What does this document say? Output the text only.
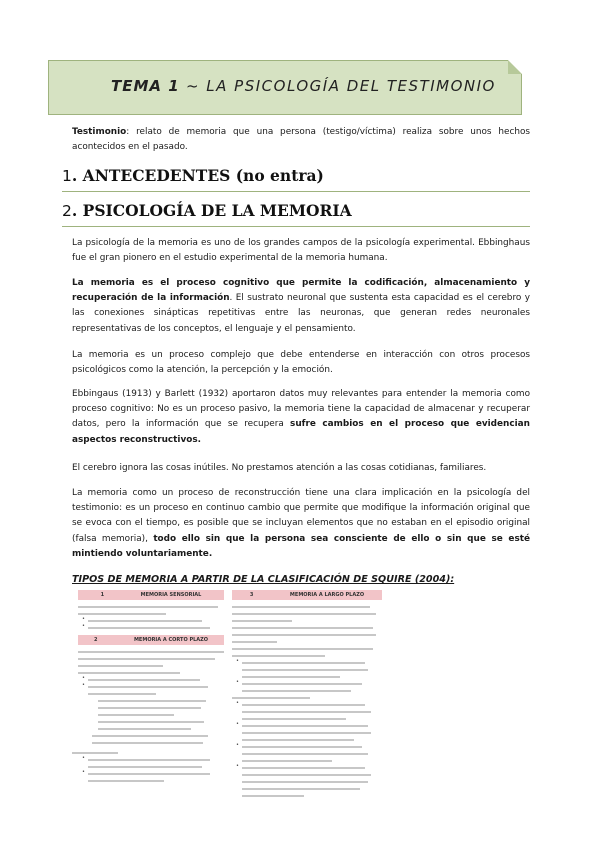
TEMA 1 ~ LA PSICOLOGÍA DEL TESTIMONIO

Testimonio: relato de memoria que una persona (testigo/víctima) realiza sobre unos hechos acontecidos en el pasado.

1. ANTECEDENTES (no entra)
2. PSICOLOGÍA DE LA MEMORIA

La psicología de la memoria es uno de los grandes campos de la psicología experimental. Ebbinghaus fue el gran pionero en el estudio experimental de la memoria humana.

La memoria es el proceso cognitivo que permite la codificación, almacenamiento y recuperación de la información. El sustrato neuronal que sustenta esta capacidad es el cerebro y las conexiones sinápticas repetitivas entre las neuronas, que generan redes neuronales representativas de los conceptos, el lenguaje y el pensamiento.

La memoria es un proceso complejo que debe entenderse en interacción con otros procesos psicológicos como la atención, la percepción y la emoción.

Ebbingaus (1913) y Barlett (1932) aportaron datos muy relevantes para entender la memoria como proceso cognitivo: No es un proceso pasivo, la memoria tiene la capacidad de almacenar y recuperar datos, pero la información que se recupera sufre cambios en el proceso que evidencian aspectos reconstructivos.

El cerebro ignora las cosas inútiles. No prestamos atención a las cosas cotidianas, familiares.

La memoria como un proceso de reconstrucción tiene una clara implicación en la psicología del testimonio: es un proceso en continuo cambio que permite que modifique la información original que se evoca con el tiempo, es posible que se incluyan elementos que no estaban en el episodio original (falsa memoria), todo ello sin que la persona sea consciente de ello o sin que se esté mintiendo voluntariamente.

TIPOS DE MEMORIA A PARTIR DE LA CLASIFICACIÓN DE SQUIRE (2004):
1	MEMORIA SENSORIAL
•
•
2	MEMORIA A CORTO PLAZO
•
•
•
•
3	MEMORIA A LARGO PLAZO
•
•
•
•
•
•
